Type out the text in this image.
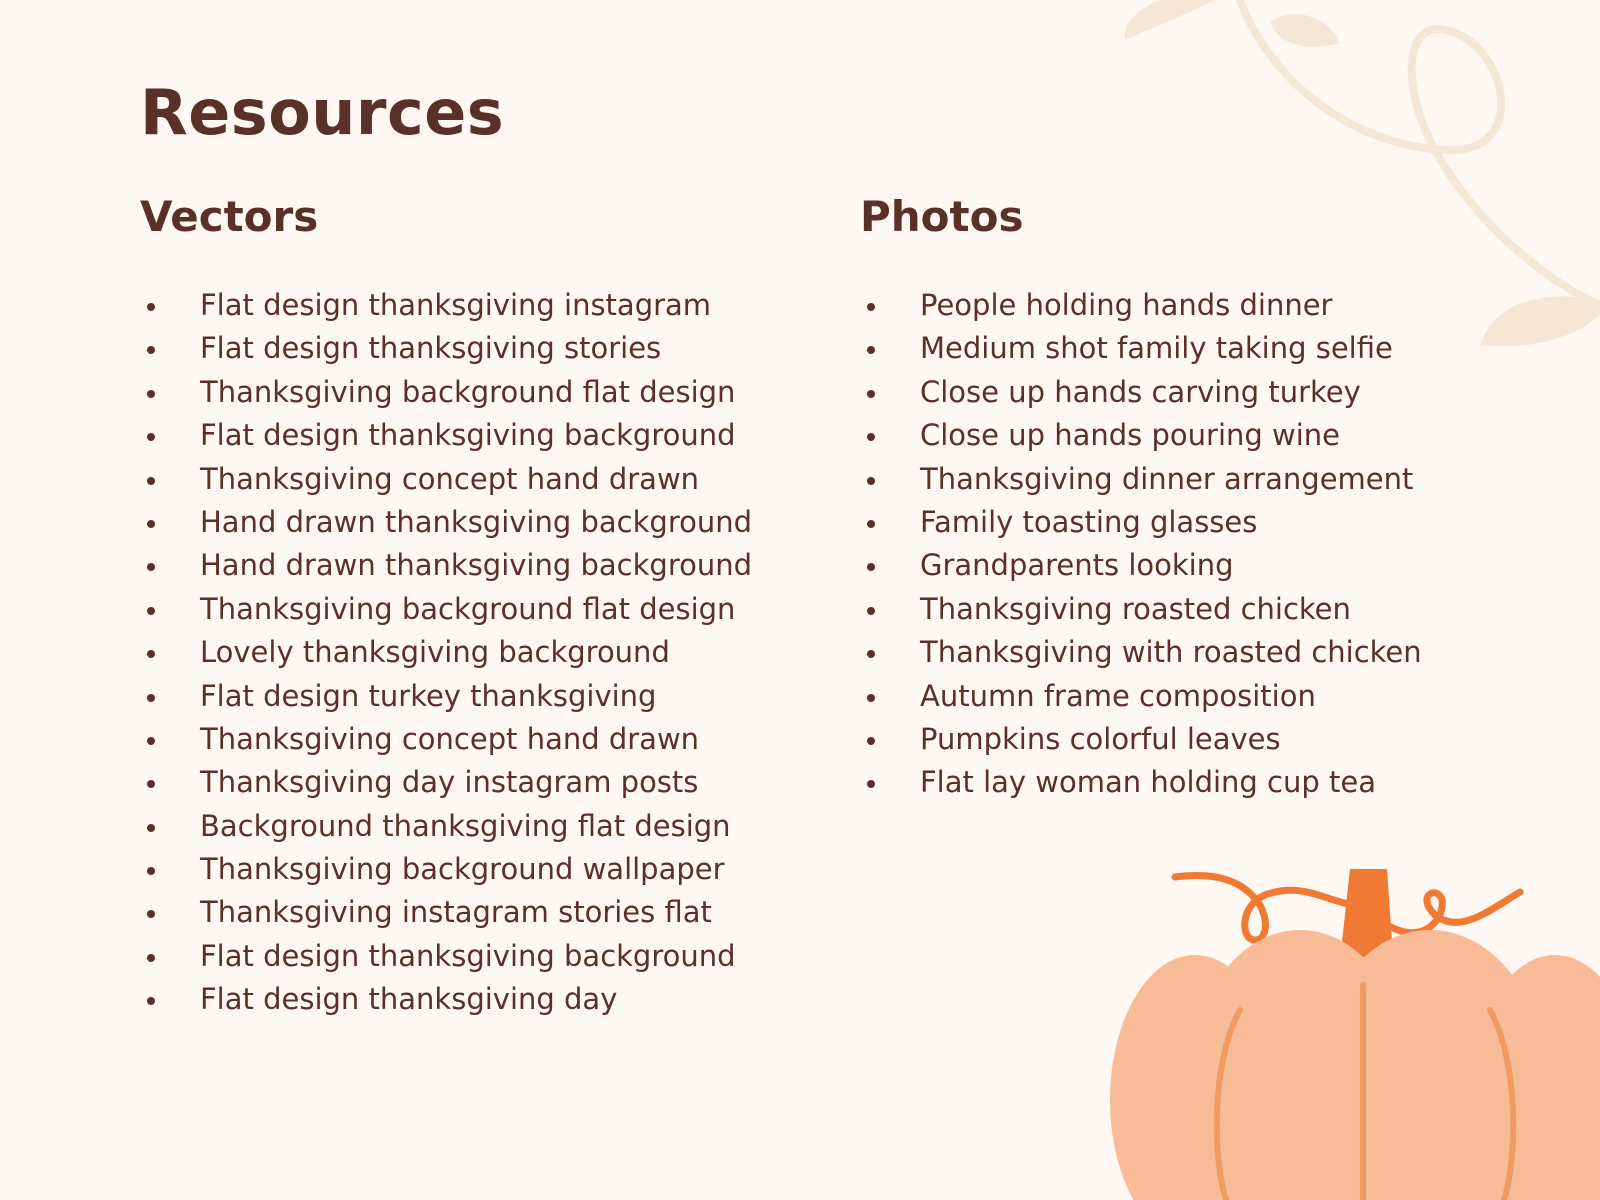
Resources
Vectors
Flat design thanksgiving instagram
Flat design thanksgiving stories
Thanksgiving background flat design
Flat design thanksgiving background
Thanksgiving concept hand drawn
Hand drawn thanksgiving background
Hand drawn thanksgiving background
Thanksgiving background flat design
Lovely thanksgiving background
Flat design turkey thanksgiving
Thanksgiving concept hand drawn
Thanksgiving day instagram posts
Background thanksgiving flat design
Thanksgiving background wallpaper
Thanksgiving instagram stories flat
Flat design thanksgiving background
Flat design thanksgiving day
Photos
People holding hands dinner
Medium shot family taking selfie
Close up hands carving turkey
Close up hands pouring wine
Thanksgiving dinner arrangement
Family toasting glasses
Grandparents looking
Thanksgiving roasted chicken
Thanksgiving with roasted chicken
Autumn frame composition
Pumpkins colorful leaves
Flat lay woman holding cup tea
